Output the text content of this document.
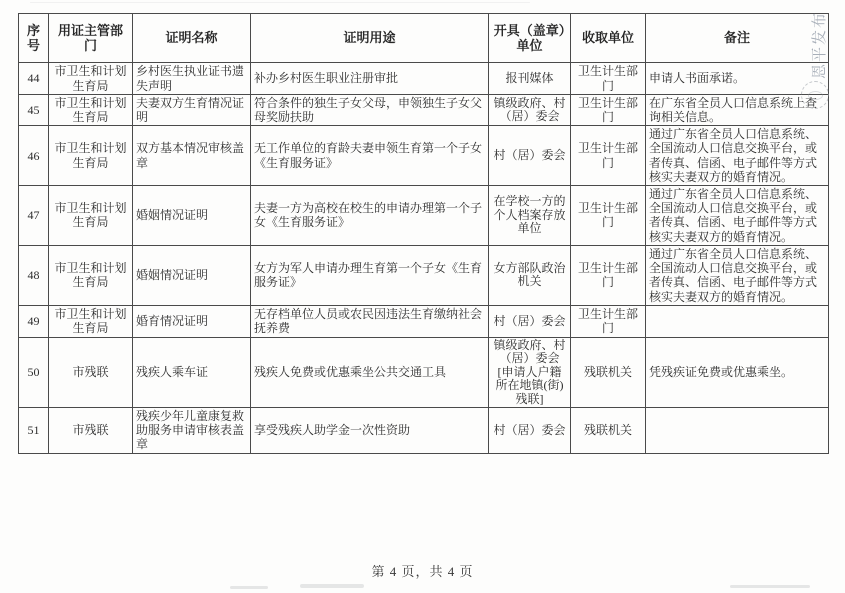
序号	用证主管部门	证明名称	证明用途	开具（盖章）单位	收取单位	备注
44	市卫生和计划生育局	乡村医生执业证书遗失声明	补办乡村医生职业注册审批	报刊媒体	卫生计生部门	申请人书面承诺。
45	市卫生和计划生育局	夫妻双方生育情况证明	符合条件的独生子女父母，申领独生子女父母奖励扶助	镇级政府、村（居）委会	卫生计生部门	在广东省全员人口信息系统上查询相关信息。
46	市卫生和计划生育局	双方基本情况审核盖章	无工作单位的育龄夫妻申领生育第一个子女《生育服务证》	村（居）委会	卫生计生部门	通过广东省全员人口信息系统、全国流动人口信息交换平台，或者传真、信函、电子邮件等方式核实夫妻双方的婚育情况。
47	市卫生和计划生育局	婚姻情况证明	夫妻一方为高校在校生的申请办理第一个子女《生育服务证》	在学校一方的个人档案存放单位	卫生计生部门	通过广东省全员人口信息系统、全国流动人口信息交换平台，或者传真、信函、电子邮件等方式核实夫妻双方的婚育情况。
48	市卫生和计划生育局	婚姻情况证明	女方为军人申请办理生育第一个子女《生育服务证》	女方部队政治机关	卫生计生部门	通过广东省全员人口信息系统、全国流动人口信息交换平台，或者传真、信函、电子邮件等方式核实夫妻双方的婚育情况。
49	市卫生和计划生育局	婚育情况证明	无存档单位人员或农民因违法生育缴纳社会抚养费	村（居）委会	卫生计生部门	
50	市残联	残疾人乘车证	残疾人免费或优惠乘坐公共交通工具	镇级政府、村（居）委会[申请人户籍所在地镇(街)残联]	残联机关	凭残疾证免费或优惠乘坐。
51	市残联	残疾少年儿童康复救助服务申请审核表盖章	享受残疾人助学金一次性资助	村（居）委会	残联机关	
恩平发布
第 4 页，共 4 页
